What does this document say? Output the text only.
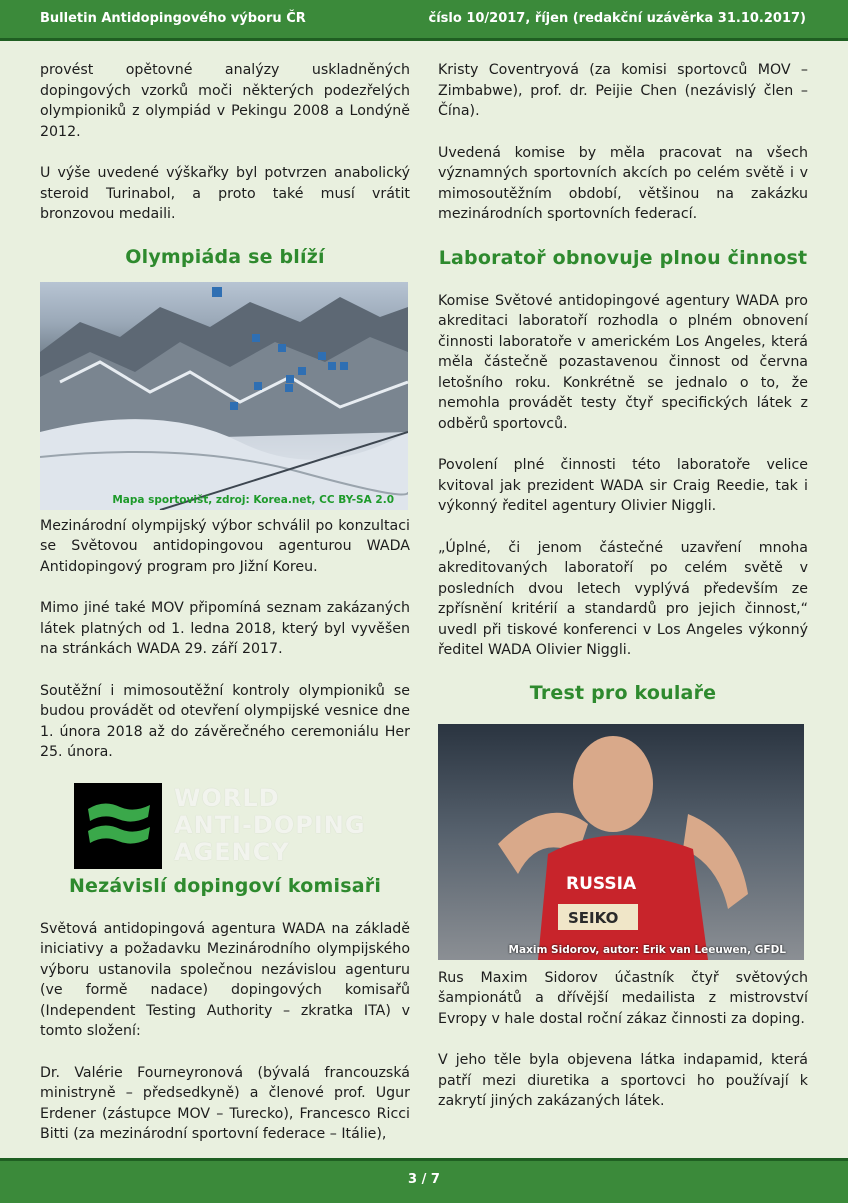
Bulletin Antidopingového výboru ČR	číslo 10/2017, říjen (redakční uzávěrka 31.10.2017)

provést opětovné analýzy uskladněných dopingových vzorků moči některých podezřelých olympioniků z olympiád v Pekingu 2008 a Londýně 2012.

U výše uvedené výškařky byl potvrzen anabolický steroid Turinabol, a proto také musí vrátit bronzovou medaili.

Olympiáda se blíží
Mapa sportovišť, zdroj: Korea.net, CC BY-SA 2.0

Mezinárodní olympijský výbor schválil po konzultaci se Světovou antidopingovou agenturou WADA Antidopingový program pro Jižní Koreu.

Mimo jiné také MOV připomíná seznam zakázaných látek platných od 1. ledna 2018, který byl vyvěšen na stránkách WADA 29. září 2017.

Soutěžní i mimosoutěžní kontroly olympioniků se budou provádět od otevření olympijské vesnice dne 1. února 2018 až do závěrečného ceremoniálu Her 25. února.

WORLD
ANTI-DOPING
AGENCY
Nezávislí dopingoví komisaři

Světová antidopingová agentura WADA na základě iniciativy a požadavku Mezinárodního olympijského výboru ustanovila společnou nezávislou agenturu (ve formě nadace) dopingových komisařů (Independent Testing Authority – zkratka ITA) v tomto složení:

Dr. Valérie Fourneyronová (bývalá francouzská ministryně – předsedkyně) a členové prof. Ugur Erdener (zástupce MOV – Turecko), Francesco Ricci Bitti (za mezinárodní sportovní federace – Itálie),

Kristy Coventryová (za komisi sportovců MOV – Zimbabwe), prof. dr. Peijie Chen (nezávislý člen – Čína).

Uvedená komise by měla pracovat na všech významných sportovních akcích po celém světě i v mimosoutěžním období, většinou na zakázku mezinárodních sportovních federací.

Laboratoř obnovuje plnou činnost

Komise Světové antidopingové agentury WADA pro akreditaci laboratoří rozhodla o plném obnovení činnosti laboratoře v americkém Los Angeles, která měla částečně pozastavenou činnost od června letošního roku. Konkrétně se jednalo o to, že nemohla provádět testy čtyř specifických látek z odběrů sportovců.

Povolení plné činnosti této laboratoře velice kvitoval jak prezident WADA sir Craig Reedie, tak i výkonný ředitel agentury Olivier Niggli.

„Úplné, či jenom částečné uzavření mnoha akreditovaných laboratoří po celém světě v posledních dvou letech vyplývá především ze zpřísnění kritérií a standardů pro jejich činnost,“ uvedl při tiskové konferenci v Los Angeles výkonný ředitel WADA Olivier Niggli.

Trest pro koulaře
RUSSIA
SEIKO
Maxim Sidorov, autor: Erik van Leeuwen, GFDL

Rus Maxim Sidorov účastník čtyř světových šampionátů a dřívější medailista z mistrovství Evropy v hale dostal roční zákaz činnosti za doping.

V jeho těle byla objevena látka indapamid, která patří mezi diuretika a sportovci ho používají k zakrytí jiných zakázaných látek.

3 / 7
